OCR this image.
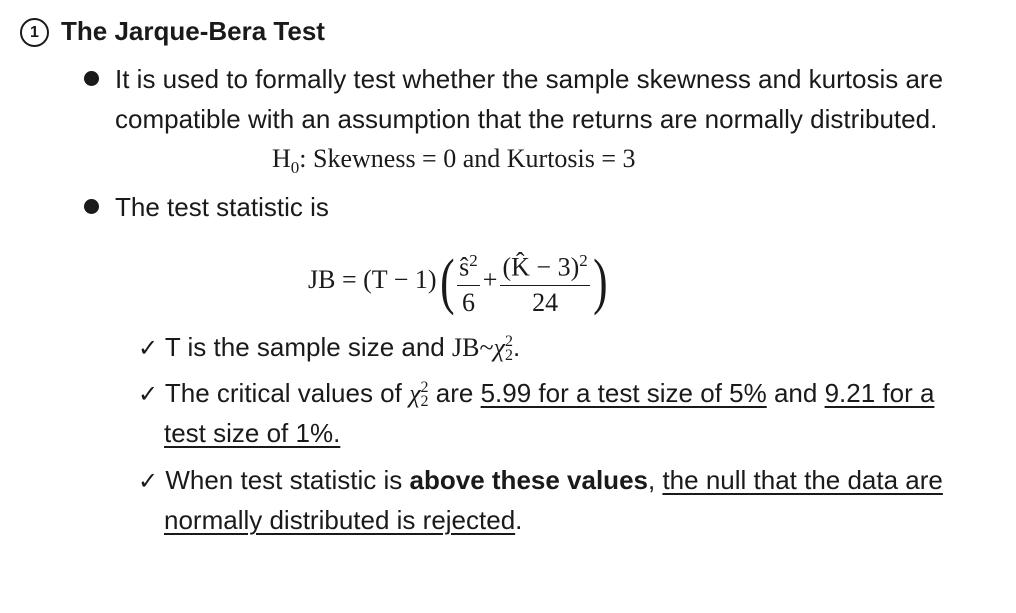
1 The Jarque-Bera Test
It is used to formally test whether the sample skewness and kurtosis are
compatible with an assumption that the returns are normally distributed.
$H_0$: Skewness = 0 and Kurtosis = 3
The test statistic is
JB = $(T - 1)( \frac{ŝ^2}{6} + \frac{(K̂ - 3)^2}{24}$ )
✓ T is the sample size and JB~χ 2
2 .
✓ The critical values of χ 2
2 are 5.99 for a test size of 5% and 9.21 for a
test size of 1%.
✓ When test statistic is above these values, the null that the data are
normally distributed is rejected.
